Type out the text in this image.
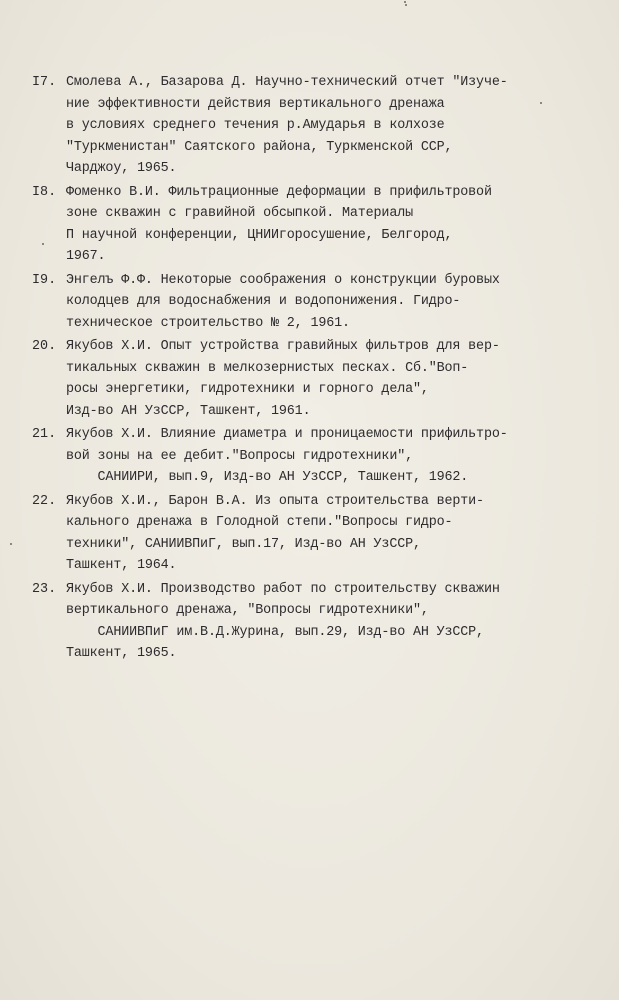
I7. Смолева А., Базарова Д. Научно-технический отчет "Изуче-
ние эффективности действия вертикального дренажа
в условиях среднего течения р.Амударья в колхозе
"Туркменистан" Саятского района, Туркменской ССР,
Чарджоу, 1965.
I8. Фоменко В.И. Фильтрационные деформации в прифильтровой
зоне скважин с гравийной обсыпкой. Материалы
П научной конференции, ЦНИИгоросушение, Белгород,
1967.
I9. Энгелъ Ф.Ф. Некоторые соображения о конструкции буровых
колодцев для водоснабжения и водопонижения. Гидро-
техническое строительство № 2, 1961.
20. Якубов Х.И. Опыт устройства гравийных фильтров для вер-
тикальных скважин в мелкозернистых песках. Сб."Воп-
росы энергетики, гидротехники и горного дела",
Изд-во АН УзССР, Ташкент, 1961.
21. Якубов Х.И. Влияние диаметра и проницаемости прифильтро-
вой зоны на ее дебит."Вопросы гидротехники",
САНИИРИ, вып.9, Изд-во АН УзССР, Ташкент, 1962.
22. Якубов Х.И., Барон В.А. Из опыта строительства верти-
кального дренажа в Голодной степи."Вопросы гидро-
техники", САНИИВПиГ, вып.17, Изд-во АН УзССР,
Ташкент, 1964.
23. Якубов Х.И. Производство работ по строительству скважин
вертикального дренажа, "Вопросы гидротехники",
САНИИВПиГ им.В.Д.Журина, вып.29, Изд-во АН УзССР,
Ташкент, 1965.
